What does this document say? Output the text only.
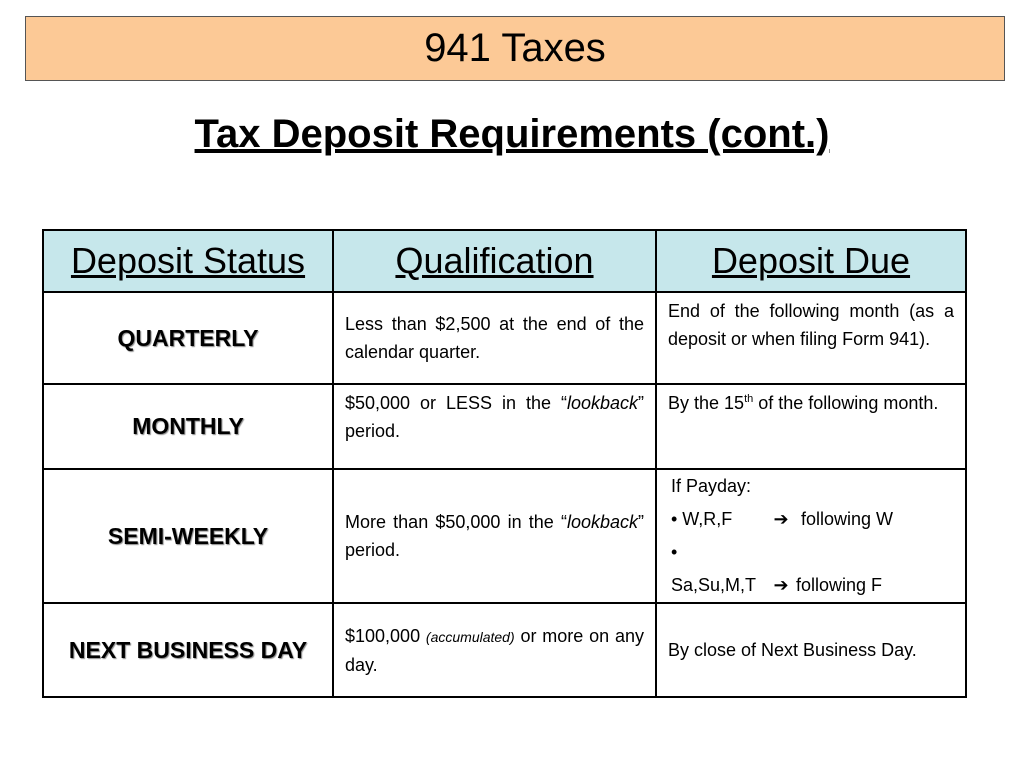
941 Taxes
Tax Deposit Requirements (cont.)
Deposit Status	Qualification	Deposit Due
QUARTERLY	Less than $2,500 at the end of the calendar quarter.	End of the following month (as a deposit or when filing Form 941).
MONTHLY	$50,000 or LESS in the “lookback” period.	By the 15th of the following month.
SEMI-WEEKLY	More than $50,000 in the “lookback” period.	If Payday:
• W,R,F ➔ following W
• Sa,Su,M,T ➔ following F

NEXT BUSINESS DAY	$100,000 (accumulated) or more on any day.	By close of Next Business Day.
